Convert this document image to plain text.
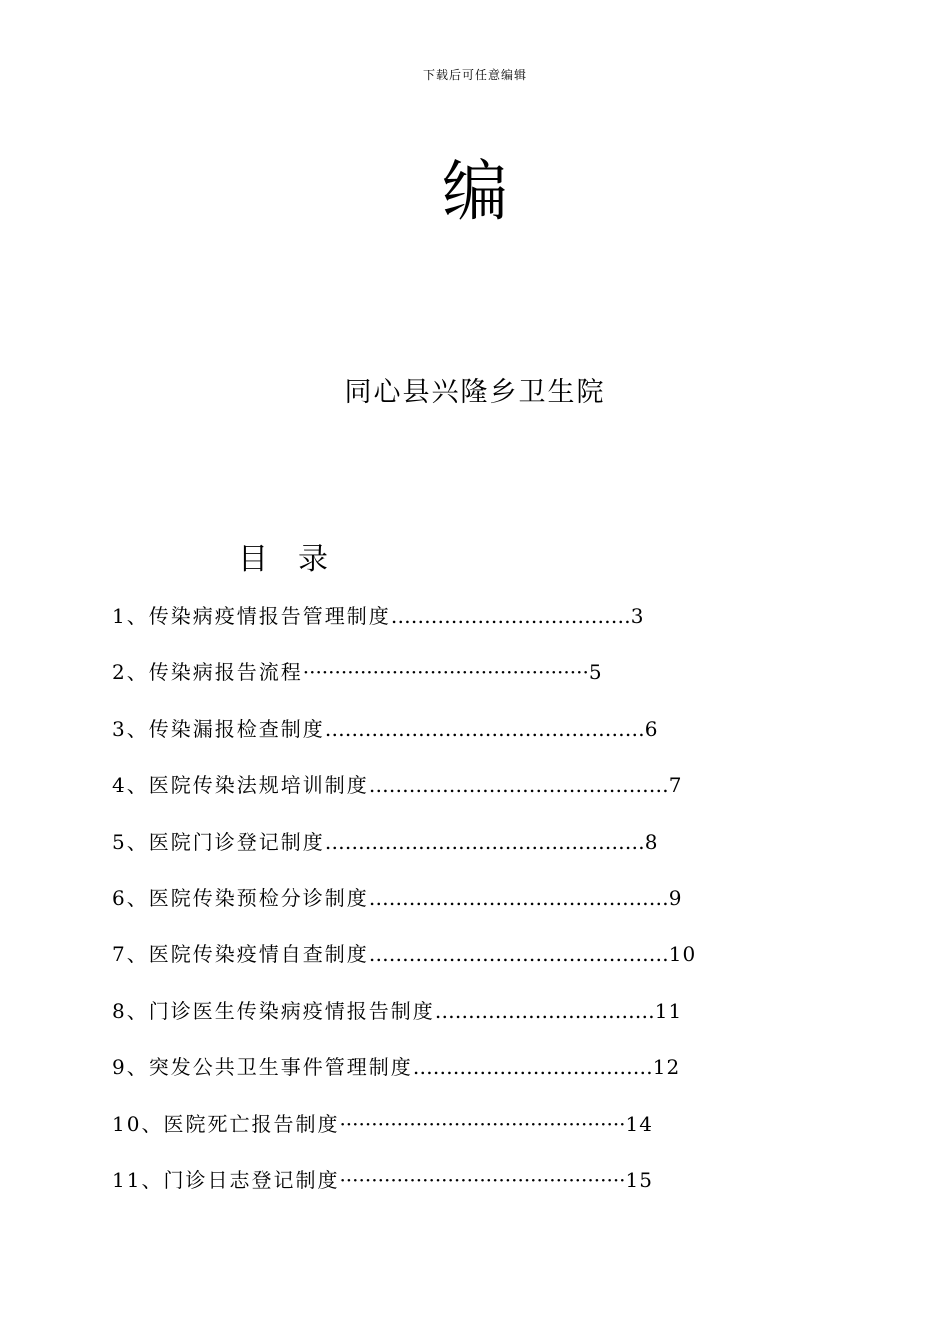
下载后可任意编辑
编
同心县兴隆乡卫生院
目　录
1、传染病疫情报告管理制度………………………………3
2、传染病报告流程·············································5
3、传染漏报检查制度…………………………………………6
4、医院传染法规培训制度………………………………………7
5、医院门诊登记制度…………………………………………8
6、医院传染预检分诊制度………………………………………9
7、医院传染疫情自查制度………………………………………10
8、门诊医生传染病疫情报告制度……………………………11
9、突发公共卫生事件管理制度………………………………12
10、医院死亡报告制度·············································14
11、门诊日志登记制度·············································15
